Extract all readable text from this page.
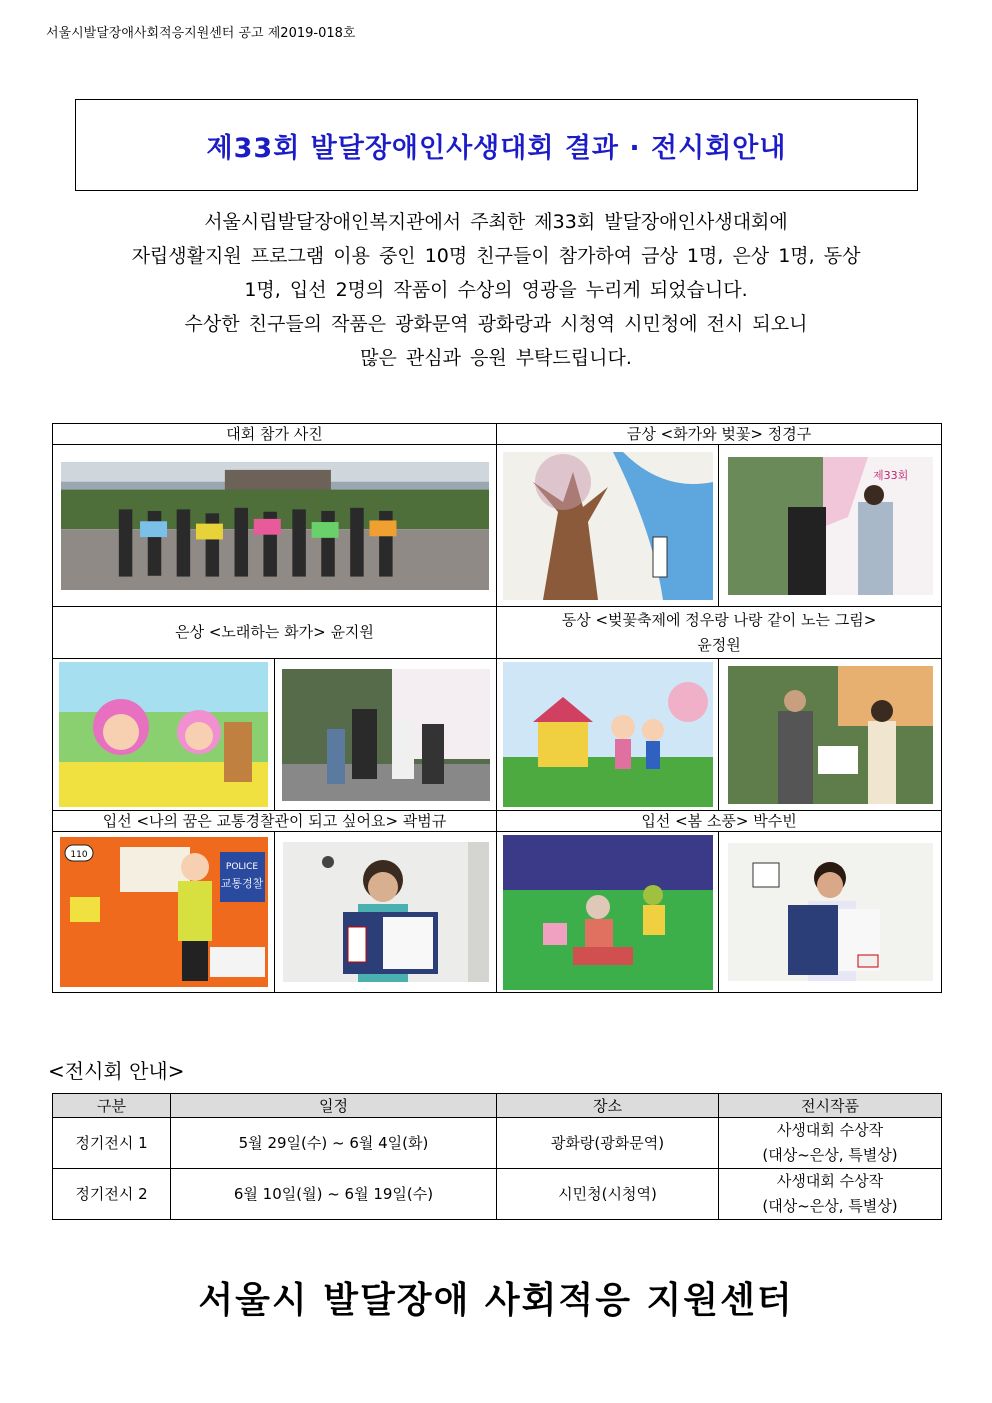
서울시발달장애사회적응지원센터 공고 제2019-018호
제33회 발달장애인사생대회 결과 · 전시회안내
서울시립발달장애인복지관에서 주최한 제33회 발달장애인사생대회에
자립생활지원 프로그램 이용 중인 10명 친구들이 참가하여 금상 1명, 은상 1명, 동상
1명, 입선 2명의 작품이 수상의 영광을 누리게 되었습니다.
수상한 친구들의 작품은 광화문역 광화랑과 시청역 시민청에 전시 되오니
많은 관심과 응원 부탁드립니다.
대회 참가 사진		금상 <화가와 벚꽃> 정경구	

제33회

은상 <노래하는 화가> 윤지원		동상 <벚꽃축제에 정우랑 나랑 같이 노는 그림>
윤정원	

입선 <나의 꿈은 교통경찰관이 되고 싶어요> 곽범규		입선 <봄 소풍> 박수빈	

110
POLICE
교통경찰

<전시회 안내>
구분	일정	장소	전시작품
정기전시 1	5월 29일(수) ~ 6월 4일(화)	광화랑(광화문역)	사생대회 수상작
(대상~은상, 특별상)

정기전시 2	6월 10일(월) ~ 6월 19일(수)	시민청(시청역)	사생대회 수상작
(대상~은상, 특별상)
서울시 발달장애 사회적응 지원센터
